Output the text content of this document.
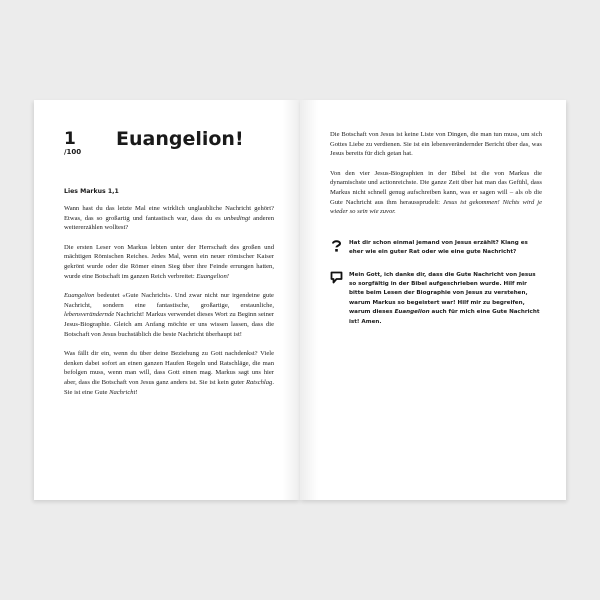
1
/100
Euangelion!
Lies Markus 1,1

Wann hast du das letzte Mal eine wirklich unglaubliche Nachricht gehört? Etwas, das so großartig und fantastisch war, dass du es unbedingt anderen weitererzählen wolltest?

Die ersten Leser von Markus lebten unter der Herrschaft des großen und mächtigen Römischen Reiches. Jedes Mal, wenn ein neuer römischer Kaiser gekrönt wurde oder die Römer einen Sieg über ihre Feinde errungen hatten, wurde eine Botschaft im ganzen Reich verbreitet: Euangelion!

Euangelion bedeutet «Gute Nachricht». Und zwar nicht nur irgendeine gute Nachricht, sondern eine fantastische, großartige, erstaunliche, lebensverändernde Nachricht! Markus verwendet dieses Wort zu Beginn seiner Jesus-Biographie. Gleich am Anfang möchte er uns wissen lassen, dass die Botschaft von Jesus buchstäblich die beste Nachricht überhaupt ist!

Was fällt dir ein, wenn du über deine Beziehung zu Gott nachdenkst? Viele denken dabei sofort an einen ganzen Haufen Regeln und Ratschläge, die man befolgen muss, wenn man will, dass Gott einen mag. Markus sagt uns hier aber, dass die Botschaft von Jesus ganz anders ist. Sie ist kein guter Ratschlag. Sie ist eine Gute Nachricht!

Die Botschaft von Jesus ist keine Liste von Dingen, die man tun muss, um sich Gottes Liebe zu verdienen. Sie ist ein lebensverändernder Bericht über das, was Jesus bereits für dich getan hat.

Von den vier Jesus-Biographien in der Bibel ist die von Markus die dynamischste und actionreichste. Die ganze Zeit über hat man das Gefühl, dass Markus nicht schnell genug aufschreiben kann, was er sagen will – als ob die Gute Nachricht aus ihm heraussprudelt: Jesus ist gekommen! Nichts wird je wieder so sein wie zuvor.

Hat dir schon einmal jemand von Jesus erzählt? Klang es eher wie ein guter Rat oder wie eine gute Nachricht?

Mein Gott, ich danke dir, dass die Gute Nachricht von Jesus so sorgfältig in der Bibel aufgeschrieben wurde. Hilf mir bitte beim Lesen der Biographie von Jesus zu verstehen, warum Markus so begeistert war! Hilf mir zu begreifen, warum dieses Euangelion auch für mich eine Gute Nachricht ist! Amen.
